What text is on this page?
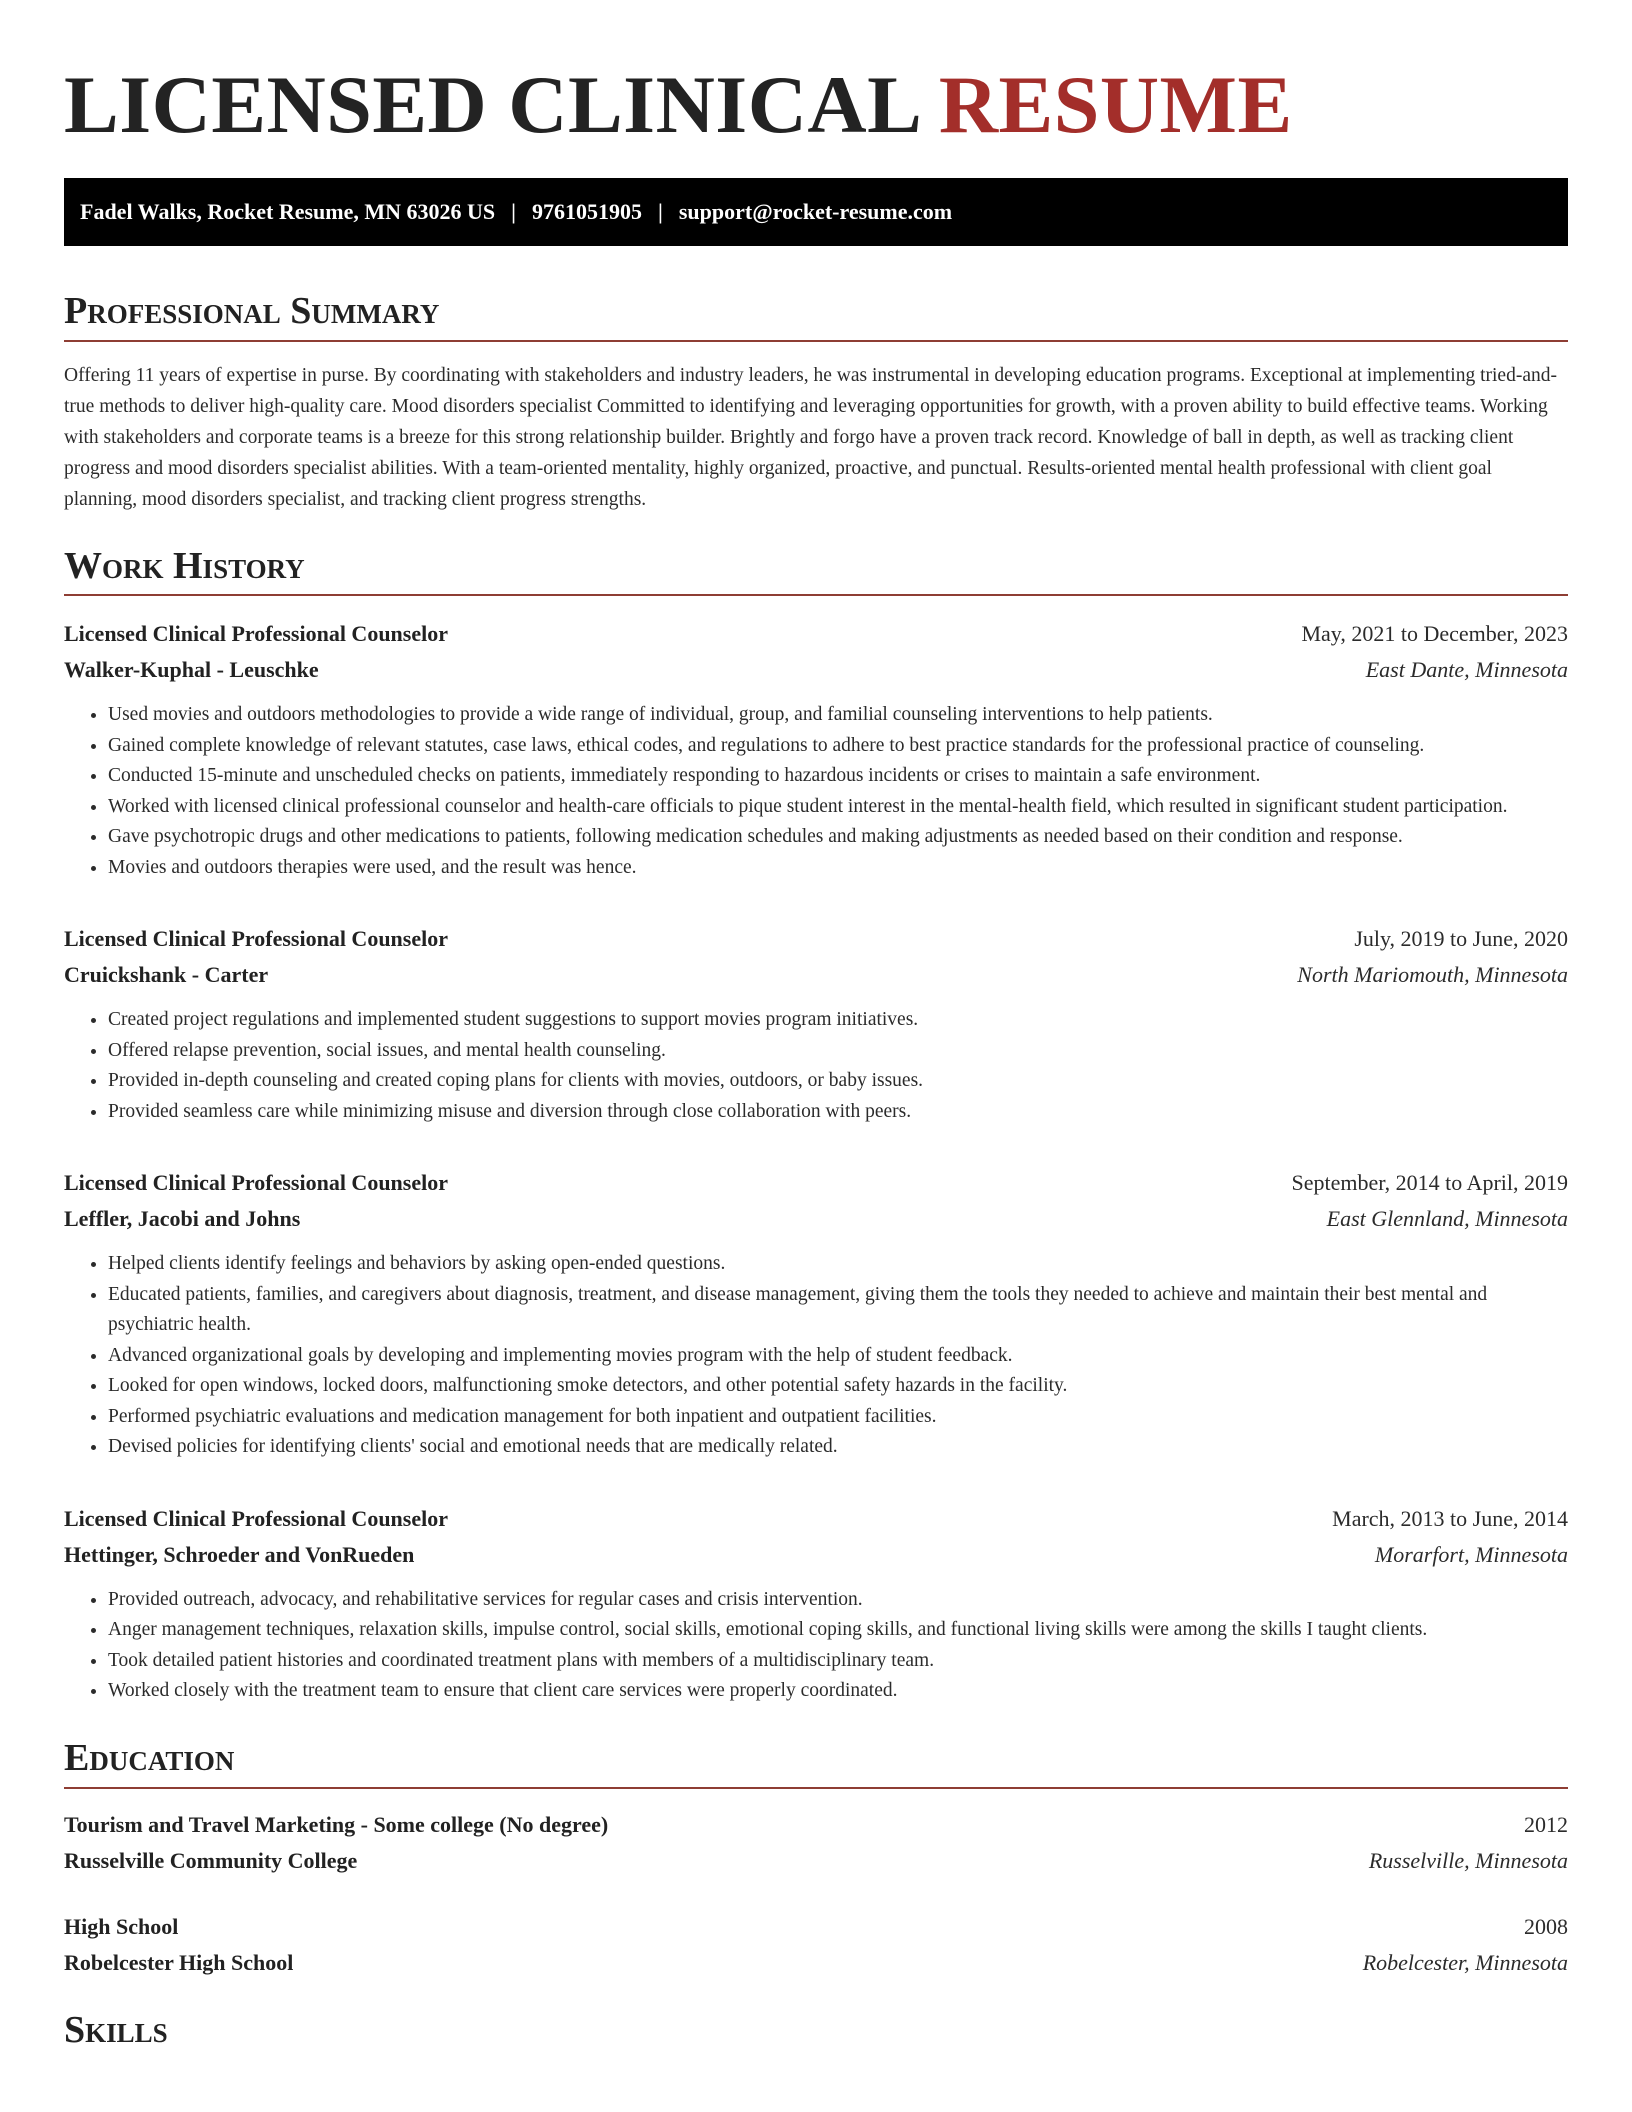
LICENSED CLINICAL RESUME
Fadel Walks, Rocket Resume, MN 63026 US | 9761051905 | support@rocket-resume.com
Professional Summary

Offering 11 years of expertise in purse. By coordinating with stakeholders and industry leaders, he was instrumental in developing education programs. Exceptional at implementing tried-and-true methods to deliver high-quality care. Mood disorders specialist Committed to identifying and leveraging opportunities for growth, with a proven ability to build effective teams. Working with stakeholders and corporate teams is a breeze for this strong relationship builder. Brightly and forgo have a proven track record. Knowledge of ball in depth, as well as tracking client progress and mood disorders specialist abilities. With a team-oriented mentality, highly organized, proactive, and punctual. Results-oriented mental health professional with client goal planning, mood disorders specialist, and tracking client progress strengths.

Work History
Licensed Clinical Professional Counselor	May, 2021 to December, 2023
Walker-Kuphal - Leuschke	East Dante, Minnesota
• Used movies and outdoors methodologies to provide a wide range of individual, group, and familial counseling interventions to help patients.
• Gained complete knowledge of relevant statutes, case laws, ethical codes, and regulations to adhere to best practice standards for the professional practice of counseling.
• Conducted 15-minute and unscheduled checks on patients, immediately responding to hazardous incidents or crises to maintain a safe environment.
• Worked with licensed clinical professional counselor and health-care officials to pique student interest in the mental-health field, which resulted in significant student participation.
• Gave psychotropic drugs and other medications to patients, following medication schedules and making adjustments as needed based on their condition and response.
• Movies and outdoors therapies were used, and the result was hence.
Licensed Clinical Professional Counselor	July, 2019 to June, 2020
Cruickshank - Carter	North Mariomouth, Minnesota
• Created project regulations and implemented student suggestions to support movies program initiatives.
• Offered relapse prevention, social issues, and mental health counseling.
• Provided in-depth counseling and created coping plans for clients with movies, outdoors, or baby issues.
• Provided seamless care while minimizing misuse and diversion through close collaboration with peers.
Licensed Clinical Professional Counselor	September, 2014 to April, 2019
Leffler, Jacobi and Johns	East Glennland, Minnesota
• Helped clients identify feelings and behaviors by asking open-ended questions.
• Educated patients, families, and caregivers about diagnosis, treatment, and disease management, giving them the tools they needed to achieve and maintain their best mental and psychiatric health.
• Advanced organizational goals by developing and implementing movies program with the help of student feedback.
• Looked for open windows, locked doors, malfunctioning smoke detectors, and other potential safety hazards in the facility.
• Performed psychiatric evaluations and medication management for both inpatient and outpatient facilities.
• Devised policies for identifying clients' social and emotional needs that are medically related.
Licensed Clinical Professional Counselor	March, 2013 to June, 2014
Hettinger, Schroeder and VonRueden	Morarfort, Minnesota
• Provided outreach, advocacy, and rehabilitative services for regular cases and crisis intervention.
• Anger management techniques, relaxation skills, impulse control, social skills, emotional coping skills, and functional living skills were among the skills I taught clients.
• Took detailed patient histories and coordinated treatment plans with members of a multidisciplinary team.
• Worked closely with the treatment team to ensure that client care services were properly coordinated.
Education
Tourism and Travel Marketing - Some college (No degree)	2012
Russelville Community College	Russelville, Minnesota
High School	2008
Robelcester High School	Robelcester, Minnesota
Skills
